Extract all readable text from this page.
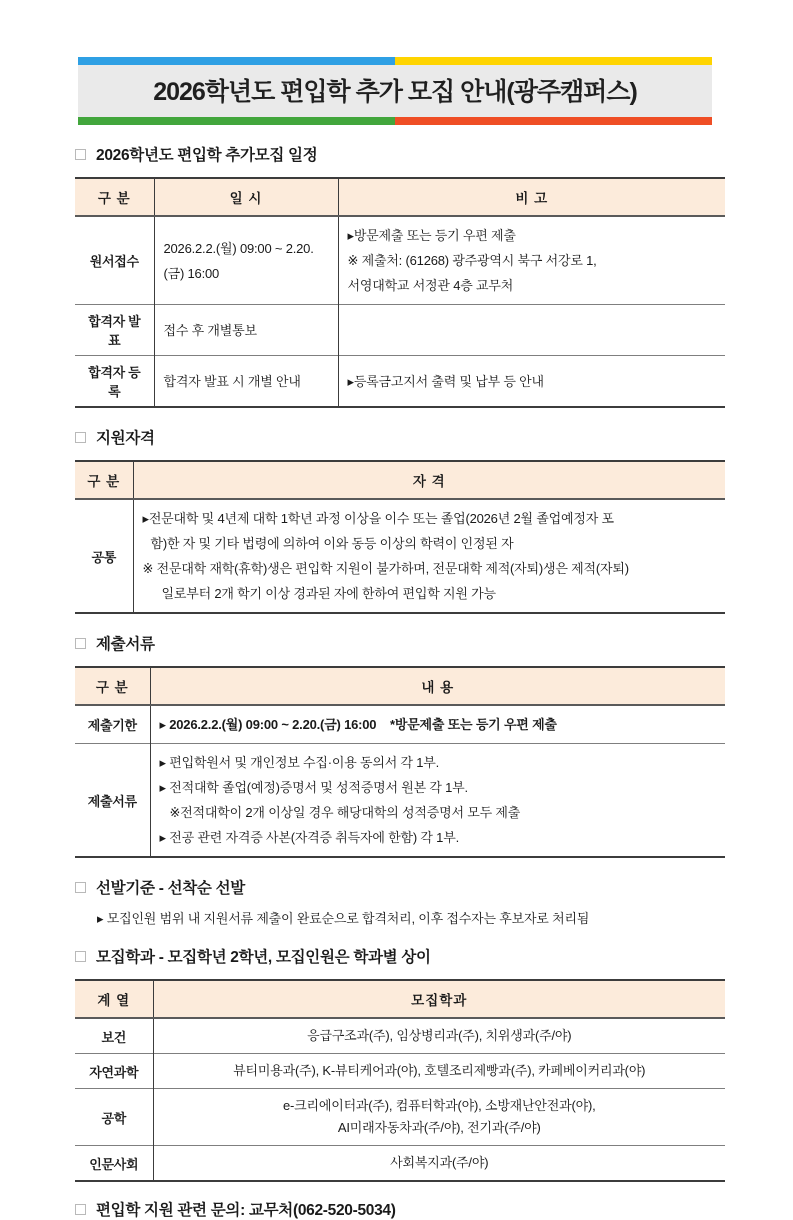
2026학년도 편입학 추가 모집 안내(광주캠퍼스)
2026학년도 편입학 추가모집 일정
구 분	일 시	비 고
원서접수	2026.2.2.(월) 09:00 ~ 2.20.(금) 16:00	▸방문제출 또는 등기 우편 제출
※ 제출처: (61268) 광주광역시 북구 서강로 1,
서영대학교 서정관 4층 교무처

합격자 발표	접수 후 개별통보	

합격자 등록	합격자 발표 시 개별 안내	▸등록금고지서 출력 및 납부 등 안내
지원자격
구 분	자 격
공통	▸전문대학 및 4년제 대학 1학년 과정 이상을 이수 또는 졸업(2026년 2월 졸업예정자 포
함)한 자 및 기타 법령에 의하여 이와 동등 이상의 학력이 인정된 자
※ 전문대학 재학(휴학)생은 편입학 지원이 불가하며, 전문대학 제적(자퇴)생은 제적(자퇴)
일로부터 2개 학기 이상 경과된 자에 한하여 편입학 지원 가능
제출서류
구 분	내 용
제출기한	▸ 2026.2.2.(월) 09:00 ~ 2.20.(금) 16:00    *방문제출 또는 등기 우편 제출

제출서류	▸ 편입학원서 및 개인정보 수집·이용 동의서 각 1부.
▸ 전적대학 졸업(예정)증명서 및 성적증명서 원본 각 1부.
※전적대학이 2개 이상일 경우 해당대학의 성적증명서 모두 제출
▸ 전공 관련 자격증 사본(자격증 취득자에 한함) 각 1부.
선발기준 - 선착순 선발
▸ 모집인원 범위 내 지원서류 제출이 완료순으로 합격처리, 이후 접수자는 후보자로 처리됨
모집학과 - 모집학년 2학년, 모집인원은 학과별 상이
계 열	모집학과
보건	응급구조과(주), 임상병리과(주), 치위생과(주/야)

자연과학	뷰티미용과(주), K-뷰티케어과(야), 호텔조리제빵과(주), 카페베이커리과(야)

공학	e-크리에이터과(주), 컴퓨터학과(야), 소방재난안전과(야),
AI미래자동차과(주/야), 전기과(주/야)

인문사회	사회복지과(주/야)
편입학 지원 관련 문의: 교무처(062-520-5034)
